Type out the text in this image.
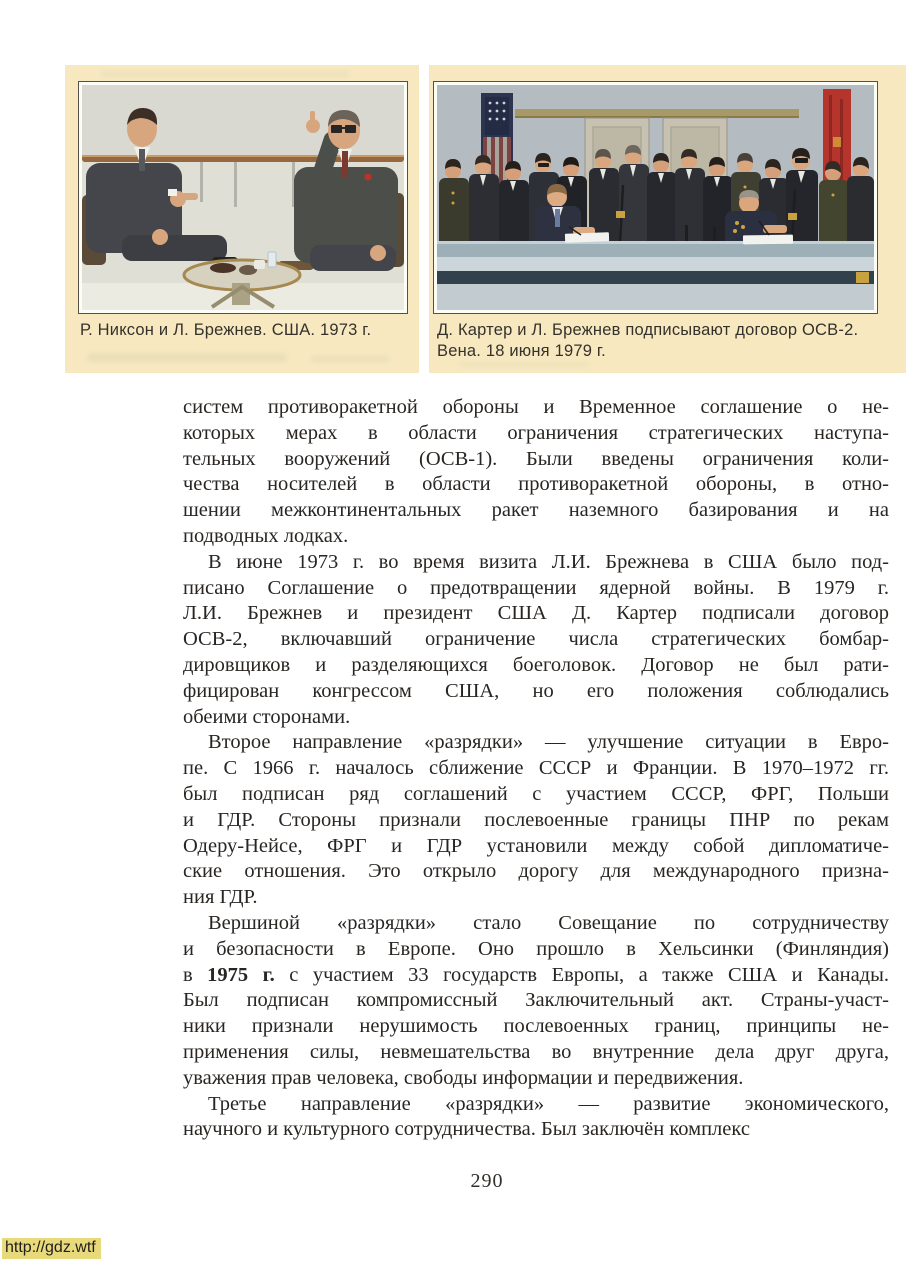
Р. Никсон и Л. Брежнев. США. 1973 г.	Д. Картер и Л. Брежнев подписывают договор ОСВ-2.
Вена. 18 июня 1979 г.
систем противоракетной обороны и Временное соглашение о не-
которых мерах в области ограничения стратегических наступа-
тельных вооружений (ОСВ-1). Были введены ограничения коли-
чества носителей в области противоракетной обороны, в отно-
шении межконтинентальных ракет наземного базирования и на
подводных лодках.
В июне 1973 г. во время визита Л.И. Брежнева в США было под-
писано Соглашение о предотвращении ядерной войны. В 1979 г.
Л.И. Брежнев и президент США Д. Картер подписали договор
ОСВ-2, включавший ограничение числа стратегических бомбар-
дировщиков и разделяющихся боеголовок. Договор не был рати-
фицирован конгрессом США, но его положения соблюдались
обеими сторонами.
Второе направление «разрядки» — улучшение ситуации в Евро-
пе. С 1966 г. началось сближение СССР и Франции. В 1970–1972 гг.
был подписан ряд соглашений с участием СССР, ФРГ, Польши
и ГДР. Стороны признали послевоенные границы ПНР по рекам
Одеру-Нейсе, ФРГ и ГДР установили между собой дипломатиче-
ские отношения. Это открыло дорогу для международного призна-
ния ГДР.
Вершиной «разрядки» стало Совещание по сотрудничеству
и безопасности в Европе. Оно прошло в Хельсинки (Финляндия)
в 1975 г. с участием 33 государств Европы, а также США и Канады.
Был подписан компромиссный Заключительный акт. Страны-участ-
ники признали нерушимость послевоенных границ, принципы не-
применения силы, невмешательства во внутренние дела друг друга,
уважения прав человека, свободы информации и передвижения.
Третье направление «разрядки» — развитие экономического,
научного и культурного сотрудничества. Был заключён комплекс
290
http://gdz.wtf
